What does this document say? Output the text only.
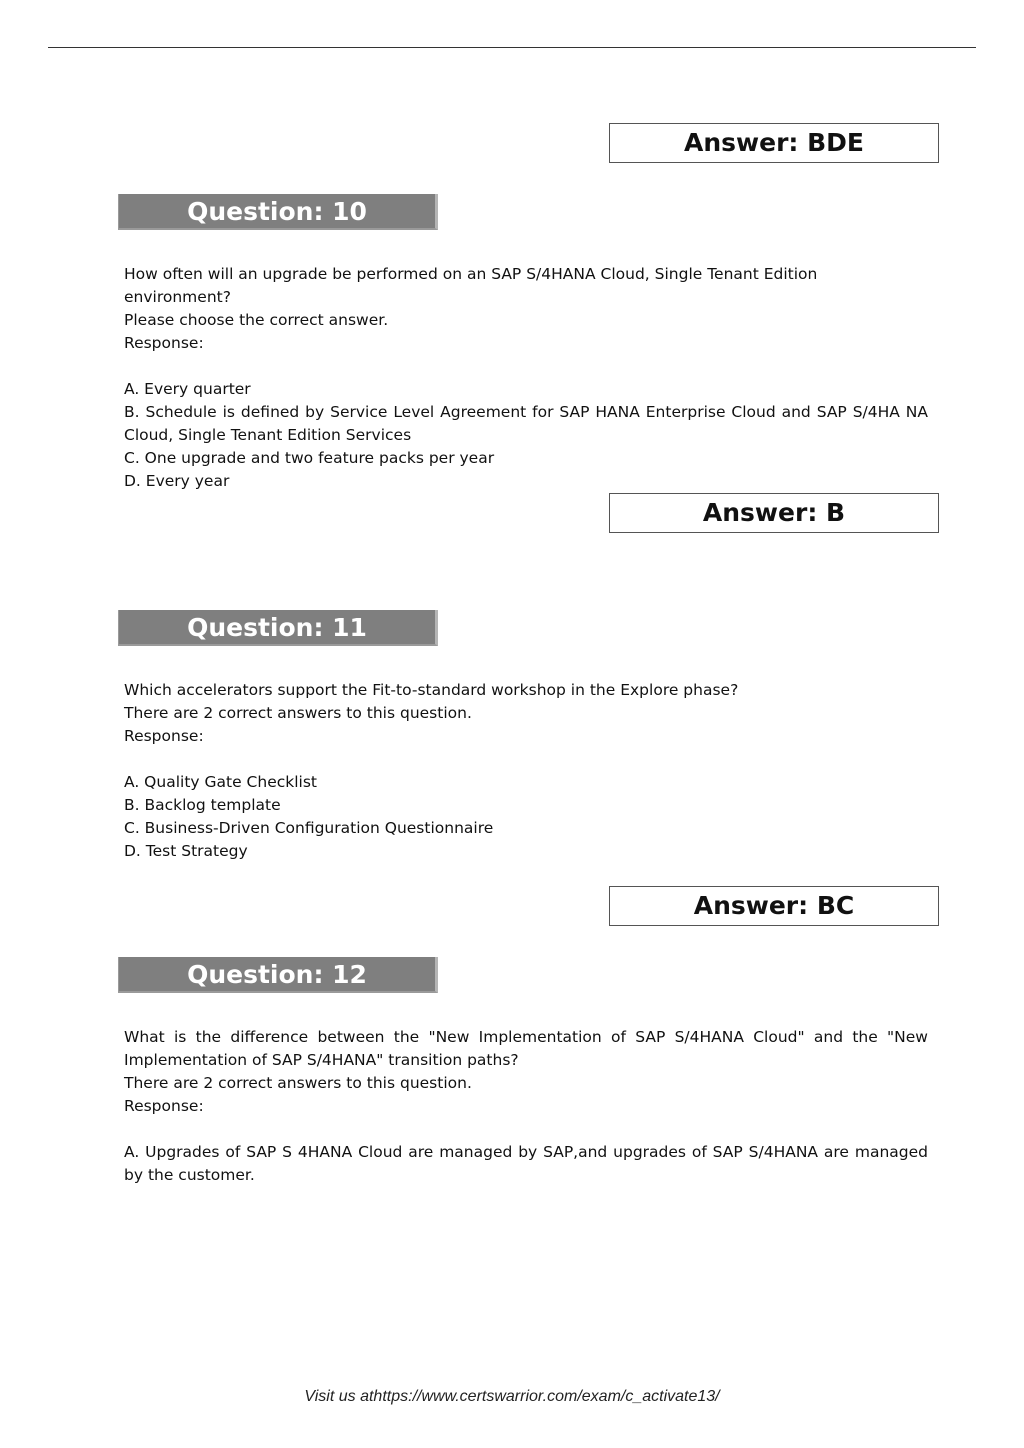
Answer: BDE
Question: 10

How often will an upgrade be performed on an SAP S/4HANA Cloud, Single Tenant Edition environment?

Please choose the correct answer.

Response:

A. Every quarter

B. Schedule is defined by Service Level Agreement for SAP HANA Enterprise Cloud and SAP S/4HA NA Cloud, Single Tenant Edition Services

C. One upgrade and two feature packs per year

D. Every year

Answer: B
Question: 11

Which accelerators support the Fit-to-standard workshop in the Explore phase?

There are 2 correct answers to this question.

Response:

A. Quality Gate Checklist

B. Backlog template

C. Business-Driven Configuration Questionnaire

D. Test Strategy

Answer: BC
Question: 12

What is the difference between the "New Implementation of SAP S/4HANA Cloud" and the "New Implementation of SAP S/4HANA" transition paths?

There are 2 correct answers to this question.

Response:

A. Upgrades of SAP S 4HANA Cloud are managed by SAP,and upgrades of SAP S/4HANA are managed by the customer.

Visit us athttps://www.certswarrior.com/exam/c_activate13/
